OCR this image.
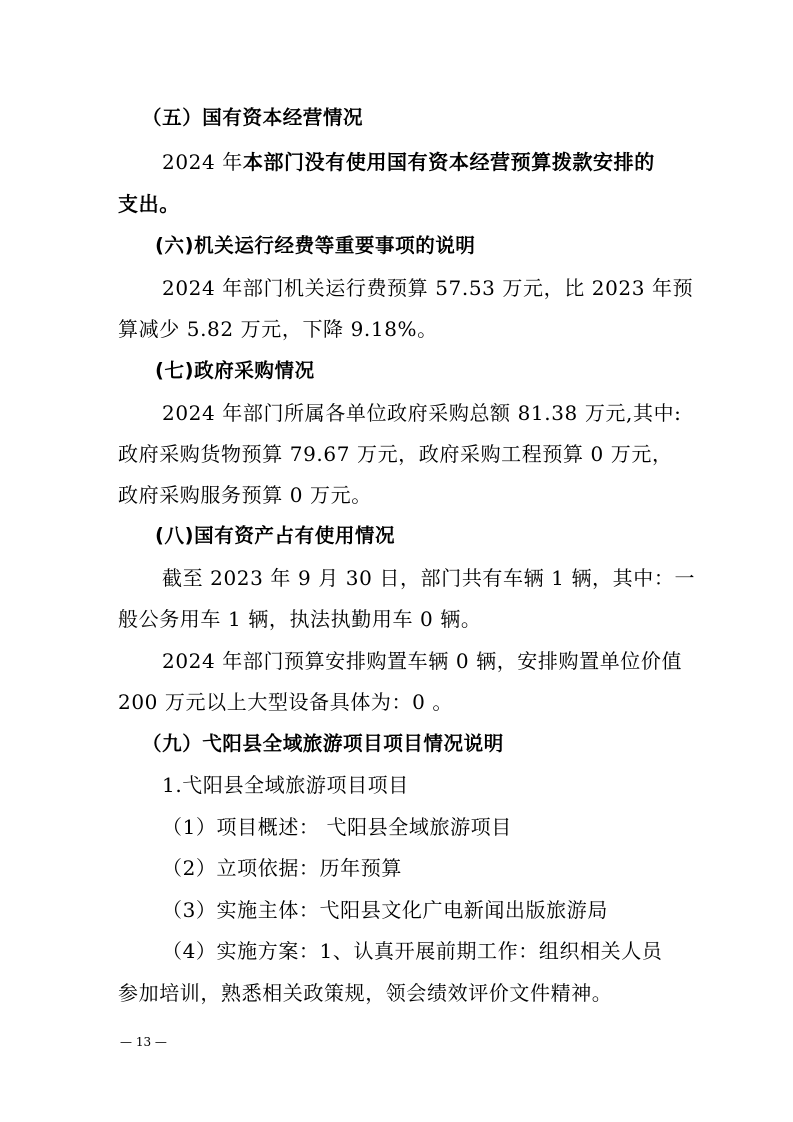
（五）国有资本经营情况
2024 年本部门没有使用国有资本经营预算拨款安排的
支出。
(六)机关运行经费等重要事项的说明
2024 年部门机关运行费预算 57.53 万元，比 2023 年预
算减少 5.82 万元，下降 9.18%。
(七)政府采购情况
2024 年部门所属各单位政府采购总额 81.38 万元,其中:
政府采购货物预算 79.67 万元，政府采购工程预算 0 万元，
政府采购服务预算 0 万元。
(八)国有资产占有使用情况
截至 2023 年 9 月 30 日，部门共有车辆 1 辆，其中：一
般公务用车 1 辆，执法执勤用车 0 辆。
2024 年部门预算安排购置车辆 0 辆，安排购置单位价值
200 万元以上大型设备具体为：0 。
（九）弋阳县全域旅游项目项目情况说明
1.弋阳县全域旅游项目项目
（1）项目概述： 弋阳县全域旅游项目
（2）立项依据：历年预算
（3）实施主体：弋阳县文化广电新闻出版旅游局
（4）实施方案：1、认真开展前期工作：组织相关人员
参加培训，熟悉相关政策规，领会绩效评价文件精神。
— 13 —
